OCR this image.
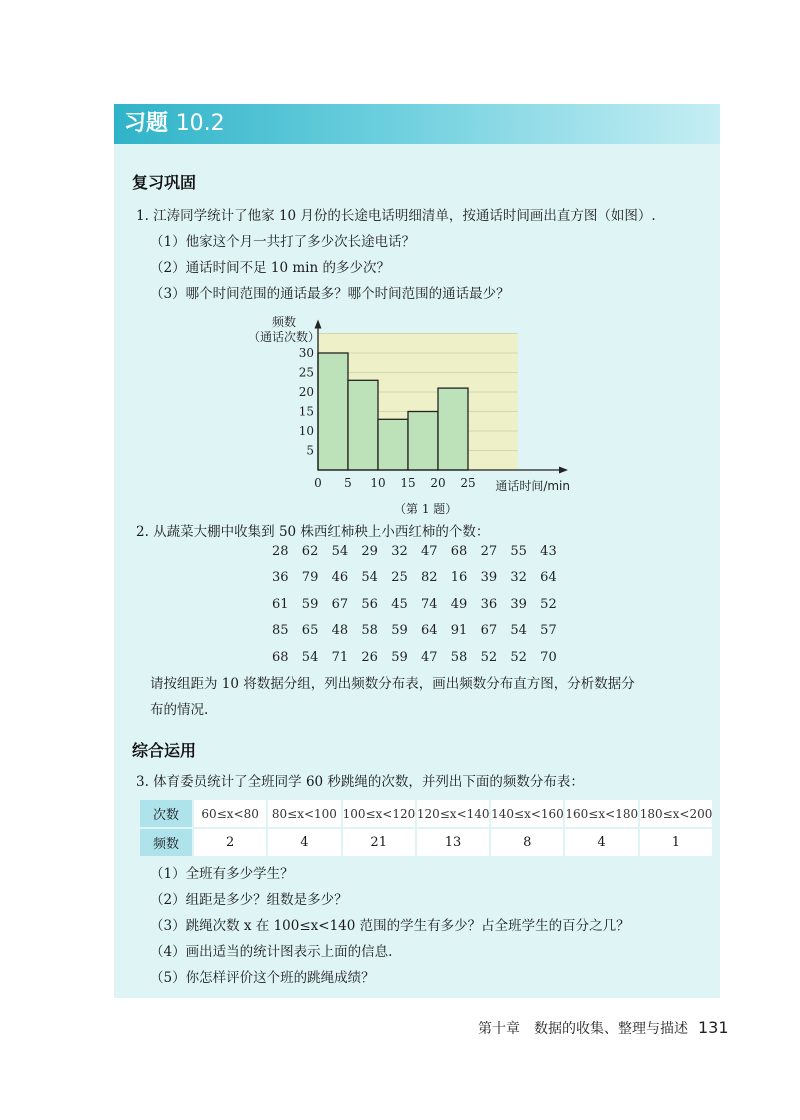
习题 10.2
复习巩固
1. 江涛同学统计了他家 10 月份的长途电话明细清单，按通话时间画出直方图（如图）.
（1）他家这个月一共打了多少次长途电话？
（2）通话时间不足 10 min 的多少次？
（3）哪个时间范围的通话最多？哪个时间范围的通话最少？
5
10
15
20
25
30
0 5 10 15 20 25
频数
（通话次数）
通话时间/min
（第 1 题）
2. 从蔬菜大棚中收集到 50 株西红柿秧上小西红柿的个数：
28	62	54	29	32	47	68	27	55	43
36	79	46	54	25	82	16	39	32	64
61	59	67	56	45	74	49	36	39	52
85	65	48	58	59	64	91	67	54	57
68	54	71	26	59	47	58	52	52	70
请按组距为 10 将数据分组，列出频数分布表，画出频数分布直方图，分析数据分
布的情况.
综合运用
3. 体育委员统计了全班同学 60 秒跳绳的次数，并列出下面的频数分布表：
次数	60≤x<80	80≤x<100	100≤x<120	120≤x<140	140≤x<160	160≤x<180	180≤x<200
频数	2	4	21	13	8	4	1
（1）全班有多少学生？
（2）组距是多少？组数是多少？
（3）跳绳次数 x 在 100≤x<140 范围的学生有多少？占全班学生的百分之几？
（4）画出适当的统计图表示上面的信息.
（5）你怎样评价这个班的跳绳成绩？
第十章　数据的收集、整理与描述 131
